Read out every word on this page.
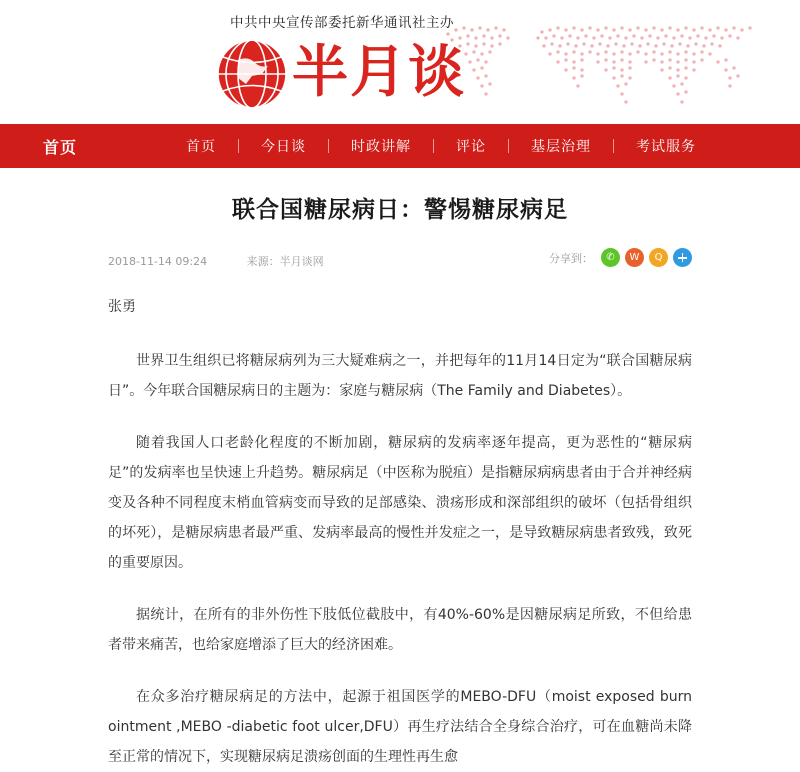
中共中央宣传部委托新华通讯社主办
半月谈
首页	首页	今日谈	时政讲解	评论	基层治理	考试服务
联合国糖尿病日：警惕糖尿病足
2018-11-14 09:24	来源：半月谈网	分享到：	✆	W	Q

张勇

世界卫生组织已将糖尿病列为三大疑难病之一，并把每年的11月14日定为“联合国糖尿病日”。今年联合国糖尿病日的主题为：家庭与糖尿病（The Family and Diabetes）。

随着我国人口老龄化程度的不断加剧，糖尿病的发病率逐年提高，更为恶性的“糖尿病足”的发病率也呈快速上升趋势。糖尿病足（中医称为脱疽）是指糖尿病病患者由于合并神经病变及各种不同程度末梢血管病变而导致的足部感染、溃疡形成和深部组织的破坏（包括骨组织的坏死），是糖尿病患者最严重、发病率最高的慢性并发症之一，是导致糖尿病患者致残，致死的重要原因。

据统计，在所有的非外伤性下肢低位截肢中，有40%-60%是因糖尿病足所致，不但给患者带来痛苦，也给家庭增添了巨大的经济困难。

在众多治疗糖尿病足的方法中，起源于祖国医学的MEBO-DFU（moist exposed burn ointment ,MEBO -diabetic foot ulcer,DFU）再生疗法结合全身综合治疗，可在血糖尚未降至正常的情况下，实现糖尿病足溃疡创面的生理性再生愈
